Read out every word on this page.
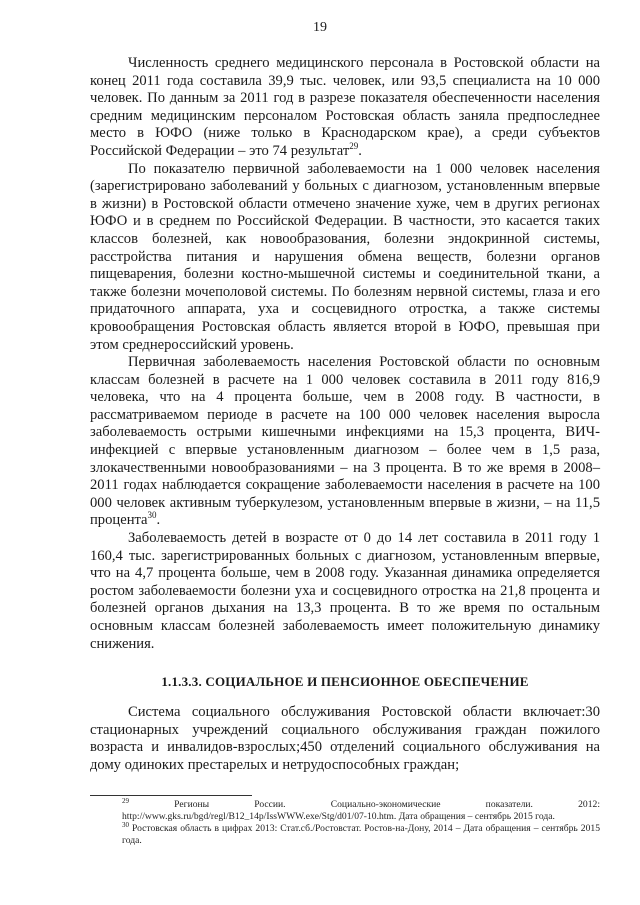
19

Численность среднего медицинского персонала в Ростовской области на конец 2011 года составила 39,9 тыс. человек, или 93,5 специалиста на 10 000 человек. По данным за 2011 год в разрезе показателя обеспеченности населения средним медицинским персоналом Ростовская область заняла предпоследнее место в ЮФО (ниже только в Краснодарском крае), а среди субъектов Российской Федерации – это 74 результат$^{29}$.

По показателю первичной заболеваемости на 1 000 человек населения (зарегистрировано заболеваний у больных с диагнозом, установленным впервые в жизни) в Ростовской области отмечено значение хуже, чем в других регионах ЮФО и в среднем по Российской Федерации. В частности, это касается таких классов болезней, как новообразования, болезни эндокринной системы, расстройства питания и нарушения обмена веществ, болезни органов пищеварения, болезни костно-мышечной системы и соединительной ткани, а также болезни мочеполовой системы. По болезням нервной системы, глаза и его придаточного аппарата, уха и сосцевидного отростка, а также системы кровообращения Ростовская область является второй в ЮФО, превышая при этом среднероссийский уровень.

Первичная заболеваемость населения Ростовской области по основным классам болезней в расчете на 1 000 человек составила в 2011 году 816,9 человека, что на 4 процента больше, чем в 2008 году. В частности, в рассматриваемом периоде в расчете на 100 000 человек населения выросла заболеваемость острыми кишечными инфекциями на 15,3 процента, ВИЧ-инфекцией с впервые установленным диагнозом – более чем в 1,5 раза, злокачественными новообразованиями – на 3 процента. В то же время в 2008–2011 годах наблюдается сокращение заболеваемости населения в расчете на 100 000 человек активным туберкулезом, установленным впервые в жизни, – на 11,5 процента$^{30}$.

Заболеваемость детей в возрасте от 0 до 14 лет составила в 2011 году 1 160,4 тыс. зарегистрированных больных с диагнозом, установленным впервые, что на 4,7 процента больше, чем в 2008 году. Указанная динамика определяется ростом заболеваемости болезни уха и сосцевидного отростка на 21,8 процента и болезней органов дыхания на 13,3 процента. В то же время по остальным основным классам болезней заболеваемость имеет положительную динамику снижения.

1.1.3.3. СОЦИАЛЬНОЕ И ПЕНСИОННОЕ ОБЕСПЕЧЕНИЕ

Система социального обслуживания Ростовской области включает:30 стационарных учреждений социального обслуживания граждан пожилого возраста и инвалидов-взрослых;450 отделений социального обслуживания на дому одиноких престарелых и нетрудоспособных граждан;

$^{29}$	Регионы России. Социально-экономические показатели. 2012: http://www.gks.ru/bgd/regl/B12_14p/IssWWW.exe/Stg/d01/07-10.htm. Дата обращения – сентябрь 2015 года.

$^{30}$ Ростовская область в цифрах 2013: Стат.сб./Ростовстат. Ростов-на-Дону, 2014 – Дата обращения – сентябрь 2015 года.
